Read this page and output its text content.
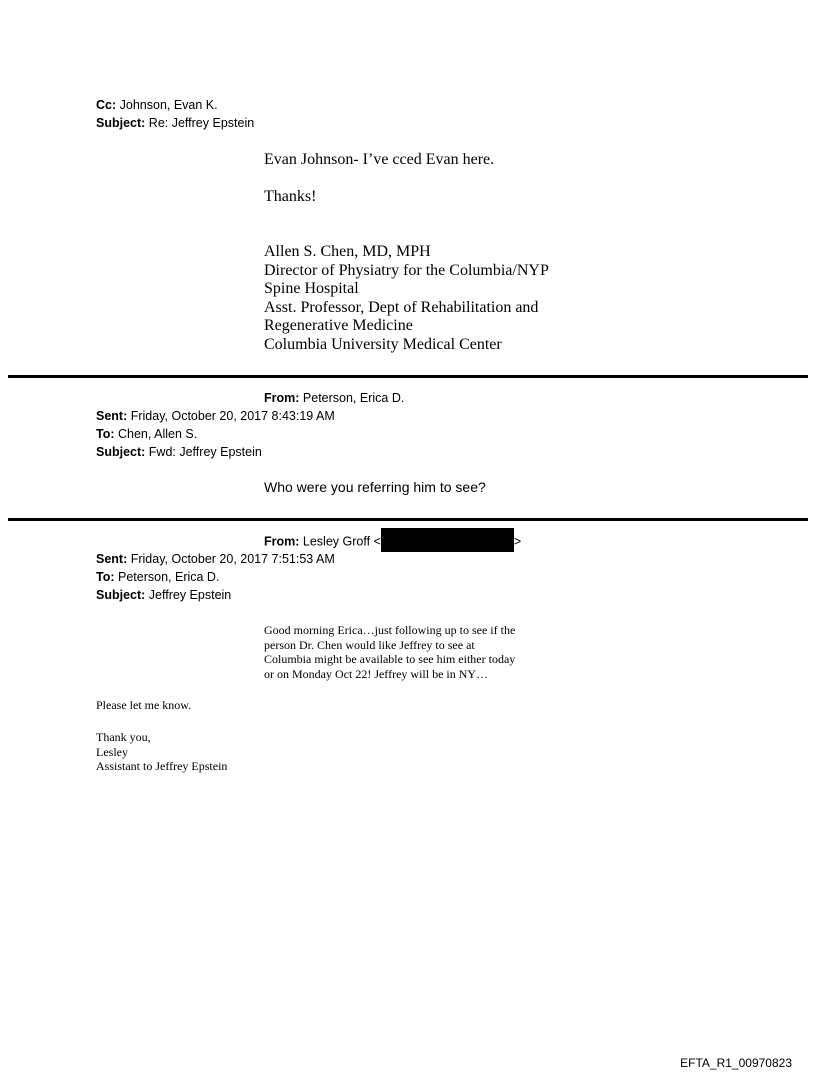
Cc: Johnson, Evan K.
Subject: Re: Jeffrey Epstein
Evan Johnson- I’ve cced Evan here.
Thanks!
Allen S. Chen, MD, MPH
Director of Physiatry for the Columbia/NYP
Spine Hospital
Asst. Professor, Dept of Rehabilitation and
Regenerative Medicine
Columbia University Medical Center
From: Peterson, Erica D.
Sent: Friday, October 20, 2017 8:43:19 AM
To: Chen, Allen S.
Subject: Fwd: Jeffrey Epstein
Who were you referring him to see?
From: Lesley Groff <	>
Sent: Friday, October 20, 2017 7:51:53 AM
To: Peterson, Erica D.
Subject: Jeffrey Epstein
Good morning Erica…just following up to see if the
person Dr. Chen would like Jeffrey to see at
Columbia might be available to see him either today
or on Monday Oct 22! Jeffrey will be in NY…
Please let me know.
Thank you,
Lesley
Assistant to Jeffrey Epstein
EFTA_R1_00970823
